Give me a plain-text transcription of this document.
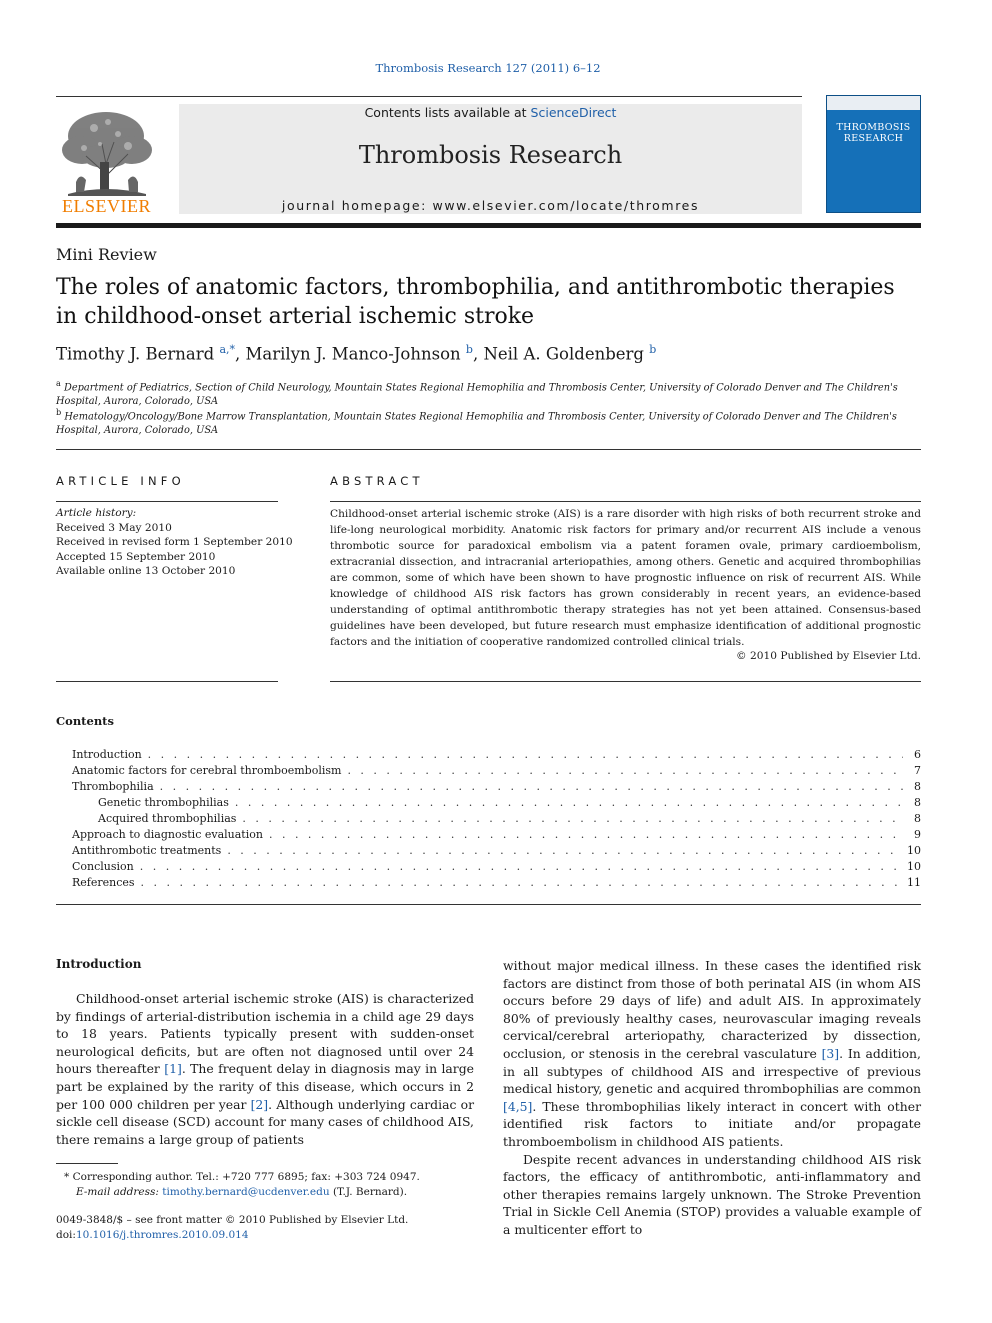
Thrombosis Research 127 (2011) 6–12
Contents lists available at ScienceDirect
Thrombosis Research
journal homepage: www.elsevier.com/locate/thromres
ELSEVIER
THROMBOSIS RESEARCH
Mini Review
The roles of anatomic factors, thrombophilia, and antithrombotic therapies in childhood-onset arterial ischemic stroke
Timothy J. Bernard $^{a,*}$, Marilyn J. Manco-Johnson $^b$, Neil A. Goldenberg $^b$
$^a$ Department of Pediatrics, Section of Child Neurology, Mountain States Regional Hemophilia and Thrombosis Center, University of Colorado Denver and The Children's Hospital, Aurora, Colorado, USA
$^b$ Hematology/Oncology/Bone Marrow Transplantation, Mountain States Regional Hemophilia and Thrombosis Center, University of Colorado Denver and The Children's Hospital, Aurora, Colorado, USA
ARTICLE INFO	ABSTRACT
Article history:
Received 3 May 2010
Received in revised form 1 September 2010
Accepted 15 September 2010
Available online 13 October 2010
Childhood-onset arterial ischemic stroke (AIS) is a rare disorder with high risks of both recurrent stroke and life-long neurological morbidity. Anatomic risk factors for primary and/or recurrent AIS include a venous thrombotic source for paradoxical embolism via a patent foramen ovale, primary cardioembolism, extracranial dissection, and intracranial arteriopathies, among others. Genetic and acquired thrombophilias are common, some of which have been shown to have prognostic influence on risk of recurrent AIS. While knowledge of childhood AIS risk factors has grown considerably in recent years, an evidence-based understanding of optimal antithrombotic therapy strategies has not yet been attained. Consensus-based guidelines have been developed, but future research must emphasize identification of additional prognostic factors and the initiation of cooperative randomized controlled clinical trials.
© 2010 Published by Elsevier Ltd.
Contents
Introduction . . .	6
Anatomic factors for cerebral thromboembolism . . .	7
Thrombophilia . . .	8
Genetic thrombophilias . . .	8
Acquired thrombophilias . . .	8
Approach to diagnostic evaluation . . .	9
Antithrombotic treatments . . .	10
Conclusion . . .	10
References . . .	11
Introduction

Childhood-onset arterial ischemic stroke (AIS) is characterized by findings of arterial-distribution ischemia in a child age 29 days to 18 years. Patients typically present with sudden-onset neurological deficits, but are often not diagnosed until over 24 hours thereafter [1]. The frequent delay in diagnosis may in large part be explained by the rarity of this disease, which occurs in 2 per 100 000 children per year [2]. Although underlying cardiac or sickle cell disease (SCD) account for many cases of childhood AIS, there remains a large group of patients

without major medical illness. In these cases the identified risk factors are distinct from those of both perinatal AIS (in whom AIS occurs before 29 days of life) and adult AIS. In approximately 80% of previously healthy cases, neurovascular imaging reveals cervical/cerebral arteriopathy, characterized by dissection, occlusion, or stenosis in the cerebral vasculature [3]. In addition, in all subtypes of childhood AIS and irrespective of previous medical history, genetic and acquired thrombophilias are common [4,5]. These thrombophilias likely interact in concert with other identified risk factors to initiate and/or propagate thromboembolism in childhood AIS patients.

Despite recent advances in understanding childhood AIS risk factors, the efficacy of antithrombotic, anti-inflammatory and other therapies remains largely unknown. The Stroke Prevention Trial in Sickle Cell Anemia (STOP) provides a valuable example of a multicenter effort to

* Corresponding author. Tel.: +720 777 6895; fax: +303 724 0947.
E-mail address: timothy.bernard@ucdenver.edu (T.J. Bernard).
0049-3848/$ – see front matter © 2010 Published by Elsevier Ltd.
doi:10.1016/j.thromres.2010.09.014
